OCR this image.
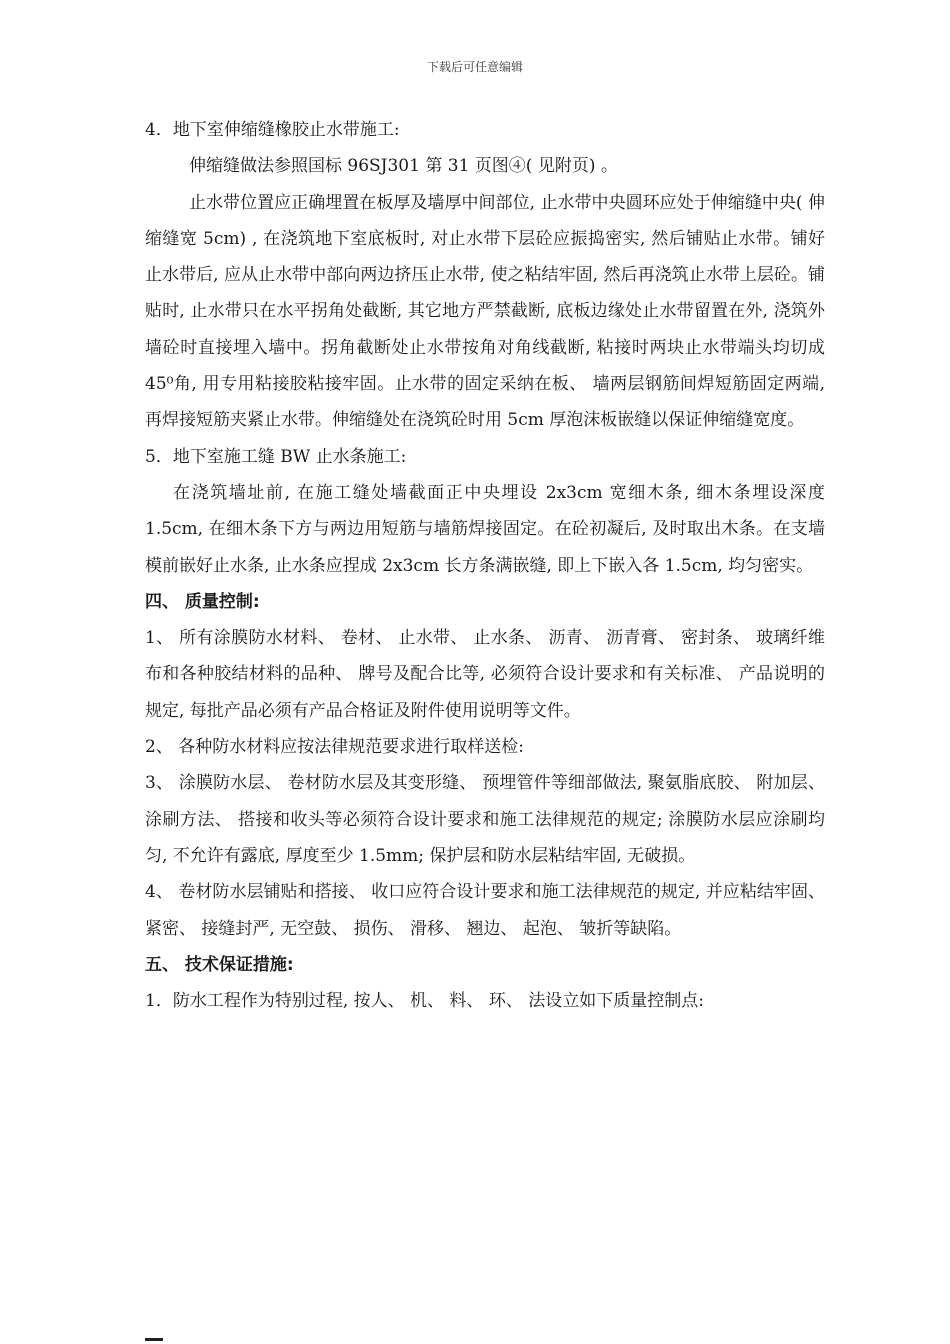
下载后可任意编辑

4．地下室伸缩缝橡胶止水带施工:

伸缩缝做法参照国标 96SJ301 第 31 页图④( 见附页) 。

止水带位置应正确埋置在板厚及墙厚中间部位, 止水带中央圆环应处于伸缩缝中央( 伸缩缝宽 5cm) , 在浇筑地下室底板时, 对止水带下层砼应振捣密实, 然后铺贴止水带。铺好止水带后, 应从止水带中部向两边挤压止水带, 使之粘结牢固, 然后再浇筑止水带上层砼。铺贴时, 止水带只在水平拐角处截断, 其它地方严禁截断, 底板边缘处止水带留置在外, 浇筑外墙砼时直接埋入墙中。拐角截断处止水带按角对角线截断, 粘接时两块止水带端头均切成 45⁰角, 用专用粘接胶粘接牢固。止水带的固定采纳在板、 墙两层钢筋间焊短筋固定两端, 再焊接短筋夹紧止水带。伸缩缝处在浇筑砼时用 5cm 厚泡沫板嵌缝以保证伸缩缝宽度。

5．地下室施工缝 BW 止水条施工:

在浇筑墙址前, 在施工缝处墙截面正中央埋设 2x3cm 宽细木条, 细木条埋设深度 1.5cm, 在细木条下方与两边用短筋与墙筋焊接固定。在砼初凝后, 及时取出木条。在支墙模前嵌好止水条, 止水条应捏成 2x3cm 长方条满嵌缝, 即上下嵌入各 1.5cm, 均匀密实。

四、 质量控制:

1、 所有涂膜防水材料、 卷材、 止水带、 止水条、 沥青、 沥青膏、 密封条、 玻璃纤维布和各种胶结材料的品种、 牌号及配合比等, 必须符合设计要求和有关标准、 产品说明的规定, 每批产品必须有产品合格证及附件使用说明等文件。

2、 各种防水材料应按法律规范要求进行取样送检:

3、 涂膜防水层、 卷材防水层及其变形缝、 预埋管件等细部做法, 聚氨脂底胶、 附加层、 涂刷方法、 搭接和收头等必须符合设计要求和施工法律规范的规定; 涂膜防水层应涂刷均匀, 不允许有露底, 厚度至少 1.5mm; 保护层和防水层粘结牢固, 无破损。

4、 卷材防水层铺贴和搭接、 收口应符合设计要求和施工法律规范的规定, 并应粘结牢固、 紧密、 接缝封严, 无空鼓、 损伤、 滑移、 翘边、 起泡、 皱折等缺陷。

五、 技术保证措施:

1．防水工程作为特别过程, 按人、 机、 料、 环、 法设立如下质量控制点:
